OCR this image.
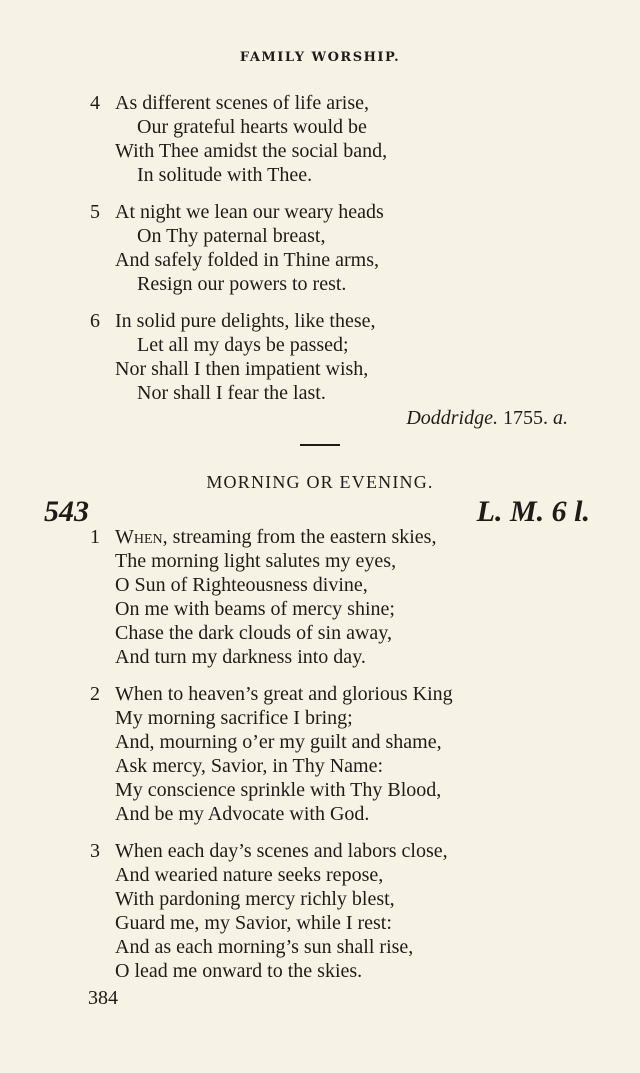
FAMILY WORSHIP.
4 As different scenes of life arise,
Our grateful hearts would be
With Thee amidst the social band,
In solitude with Thee.
5 At night we lean our weary heads
On Thy paternal breast,
And safely folded in Thine arms,
Resign our powers to rest.
6 In solid pure delights, like these,
Let all my days be passed;
Nor shall I then impatient wish,
Nor shall I fear the last.
Doddridge. 1755. a.
MORNING OR EVENING.
543	L. M. 6 l.
1 When, streaming from the eastern skies,
The morning light salutes my eyes,
O Sun of Righteousness divine,
On me with beams of mercy shine;
Chase the dark clouds of sin away,
And turn my darkness into day.
2 When to heaven’s great and glorious King
My morning sacrifice I bring;
And, mourning o’er my guilt and shame,
Ask mercy, Savior, in Thy Name:
My conscience sprinkle with Thy Blood,
And be my Advocate with God.
3 When each day’s scenes and labors close,
And wearied nature seeks repose,
With pardoning mercy richly blest,
Guard me, my Savior, while I rest:
And as each morning’s sun shall rise,
O lead me onward to the skies.
384
